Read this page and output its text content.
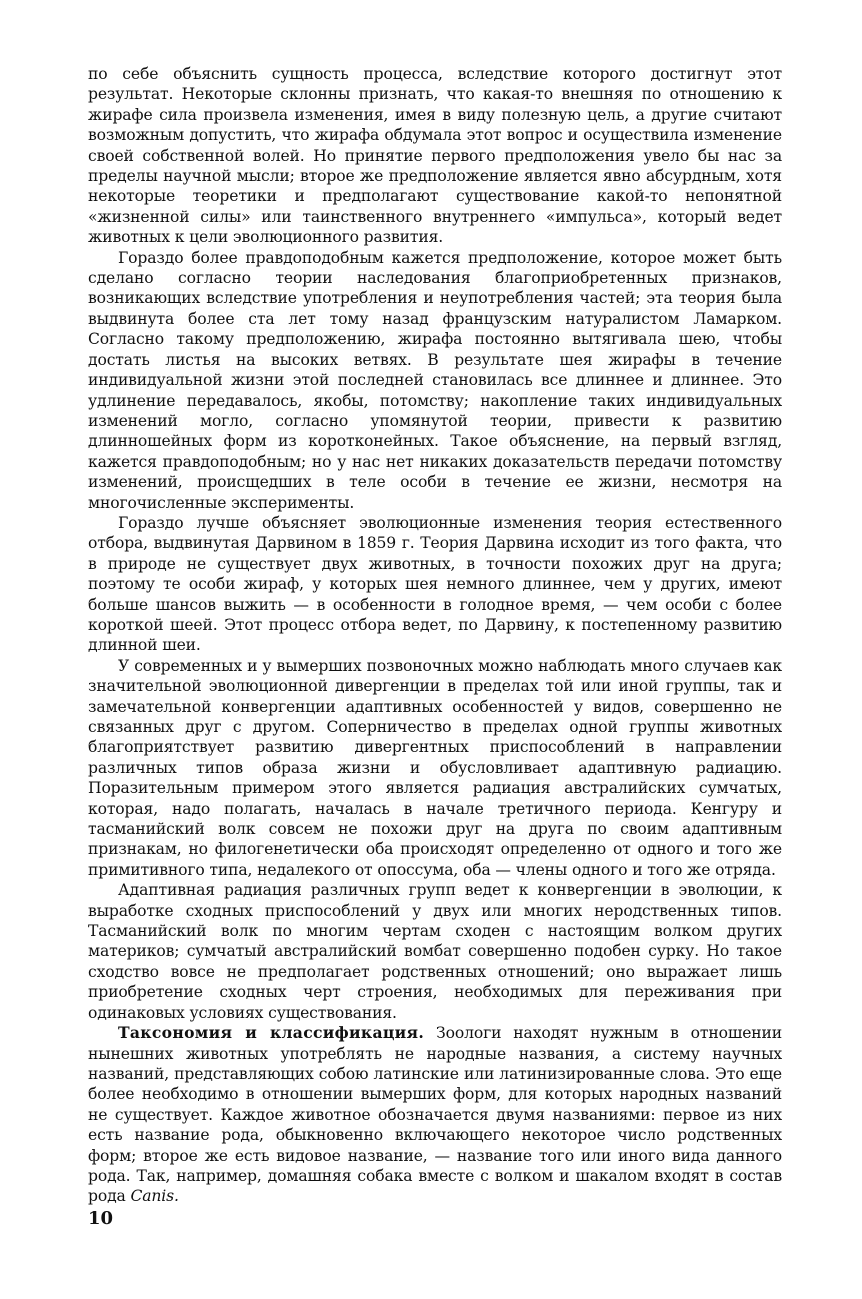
по себе объяснить сущность процесса, вследствие которого достигнут этот результат. Некоторые склонны признать, что какая-то внешняя по отношению к жирафе сила произвела изменения, имея в виду полезную цель, а другие считают возможным допустить, что жирафа обдумала этот вопрос и осуществила изменение своей собственной волей. Но принятие первого предположения увело бы нас за пределы научной мысли; второе же предположение является явно абсурдным, хотя некоторые теоретики и предполагают существование какой-то непонятной «жизненной силы» или таинственного внутреннего «импульса», который ведет животных к цели эволюционного развития.

Гораздо более правдоподобным кажется предположение, которое может быть сделано согласно теории наследования благоприобретенных признаков, возникающих вследствие употребления и неупотребления частей; эта теория была выдвинута более ста лет тому назад французским натуралистом Ламарком. Согласно такому предположению, жирафа постоянно вытягивала шею, чтобы достать листья на высоких ветвях. В результате шея жирафы в течение индивидуальной жизни этой последней становилась все длиннее и длиннее. Это удлинение передавалось, якобы, потомству; накопление таких индивидуальных изменений могло, согласно упомянутой теории, привести к развитию длинношейных форм из коротконейных. Такое объяснение, на первый взгляд, кажется правдоподобным; но у нас нет никаких доказательств передачи потомству изменений, происщедших в теле особи в течение ее жизни, несмотря на многочисленные эксперименты.

Гораздо лучше объясняет эволюционные изменения теория естественного отбора, выдвинутая Дарвином в 1859 г. Теория Дарвина исходит из того факта, что в природе не существует двух животных, в точности похожих друг на друга; поэтому те особи жираф, у которых шея немного длиннее, чем у других, имеют больше шансов выжить — в особенности в голодное время, — чем особи с более короткой шеей. Этот процесс отбора ведет, по Дарвину, к постепенному развитию длинной шеи.

У современных и у вымерших позвоночных можно наблюдать много случаев как значительной эволюционной дивергенции в пределах той или иной группы, так и замечательной конвергенции адаптивных особенностей у видов, совершенно не связанных друг с другом. Соперничество в пределах одной группы животных благоприятствует развитию дивергентных приспособлений в направлении различных типов образа жизни и обусловливает адаптивную радиацию. Поразительным примером этого является радиация австралийских сумчатых, которая, надо полагать, началась в начале третичного периода. Кенгуру и тасманийский волк совсем не похожи друг на друга по своим адаптивным признакам, но филогенетически оба происходят определенно от одного и того же примитивного типа, недалекого от опоссума, оба — члены одного и того же отряда.

Адаптивная радиация различных групп ведет к конвергенции в эволюции, к выработке сходных приспособлений у двух или многих неродственных типов. Тасманийский волк по многим чертам сходен с настоящим волком других материков; сумчатый австралийский вомбат совершенно подобен сурку. Но такое сходство вовсе не предполагает родственных отношений; оно выражает лишь приобретение сходных черт строения, необходимых для переживания при одинаковых условиях существования.

Таксономия и классификация. Зоологи находят нужным в отношении нынешних животных употреблять не народные названия, а систему научных названий, представляющих собою латинские или латинизированные слова. Это еще более необходимо в отношении вымерших форм, для которых народных названий не существует. Каждое животное обозначается двумя названиями: первое из них есть название рода, обыкновенно включающего некоторое число родственных форм; второе же есть видовое название, — название того или иного вида данного рода. Так, например, домашняя собака вместе с волком и шакалом входят в состав рода Canis.

10
